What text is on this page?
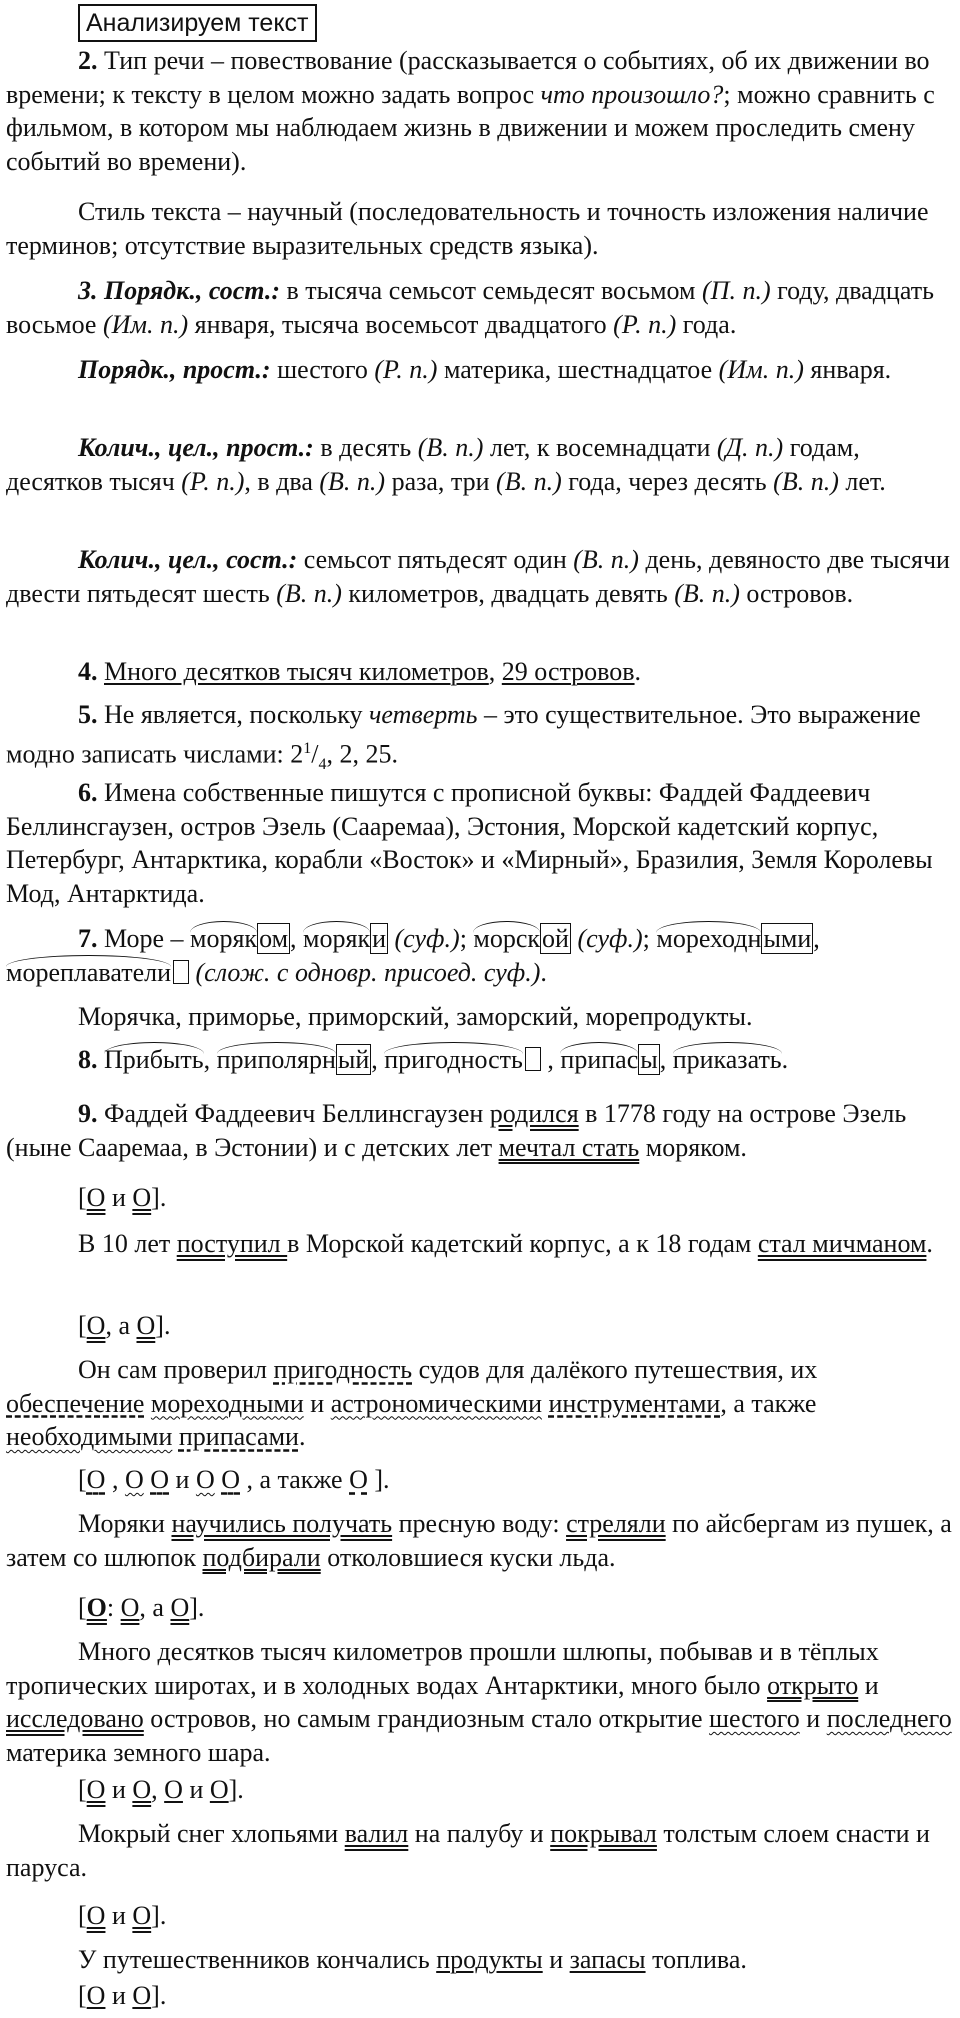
Анализируем текст
2. Тип речи – повествование (рассказывается о событиях, об их движении во времени; к тексту в целом можно задать вопрос что произошло?; можно сравнить с фильмом, в котором мы наблюдаем жизнь в движении и можем проследить смену событий во времени).
Стиль текста – научный (последовательность и точность изложения наличие терминов; отсутствие выразительных средств языка).
3. Порядк., сост.: в тысяча семьсот семьдесят восьмом (П. п.) году, двадцать восьмое (Им. п.) января, тысяча восемьсот двадцатого (Р. п.) года.
Порядк., прост.: шестого (Р. п.) материка, шестнадцатое (Им. п.) января.
Колич., цел., прост.: в десять (В. п.) лет, к восемнадцати (Д. п.) годам, десятков тысяч (Р. п.), в два (В. п.) раза, три (В. п.) года, через десять (В. п.) лет.
Колич., цел., сост.: семьсот пятьдесят один (В. п.) день, девяносто две тысячи двести пятьдесят шесть (В. п.) километров, двадцать девять (В. п.) островов.
4. Много десятков тысяч километров, 29 островов.
5. Не является, поскольку четверть – это существительное. Это выражение модно записать числами: $2^1/_4$, 2, 25.
6. Имена собственные пишутся с прописной буквы: Фаддей Фаддеевич Беллинсгаузен, остров Эзель (Сааремаа), Эстония, Морской кадетский корпус, Петербург, Антарктика, корабли «Восток» и «Мирный», Бразилия, Земля Королевы Мод, Антарктида.
7. Море – моряком, моряки (суф.); морской (суф.); мореходными, мореплаватели (слож. с одновр. присоед. суф.).
Морячка, приморье, приморский, заморский, морепродукты.
8. Прибыть, приполярный, пригодность , припасы, приказать.
9. Фаддей Фаддеевич Беллинсгаузен родился в 1778 году на острове Эзель (ныне Сааремаа, в Эстонии) и с детских лет мечтал стать моряком.
[О и О].
В 10 лет поступил в Морской кадетский корпус, а к 18 годам стал мичманом.
[О, а О].
Он сам проверил пригодность судов для далёкого путешествия, их обеспечение мореходными и астрономическими инструментами, а также необходимыми припасами.
[О , О О и О О , а также О ].
Моряки научились получать пресную воду: стреляли по айсбергам из пушек, а затем со шлюпок подбирали отколовшиеся куски льда.
[О: О, а О].
Много десятков тысяч километров прошли шлюпы, побывав и в тёплых тропических широтах, и в холодных водах Антарктики, много было открыто и исследовано островов, но самым грандиозным стало открытие шестого и последнего материка земного шара.
[О и О, О и О].
Мокрый снег хлопьями валил на палубу и покрывал толстым слоем снасти и паруса.
[О и О].
У путешественников кончались продукты и запасы топлива.
[О и О].
